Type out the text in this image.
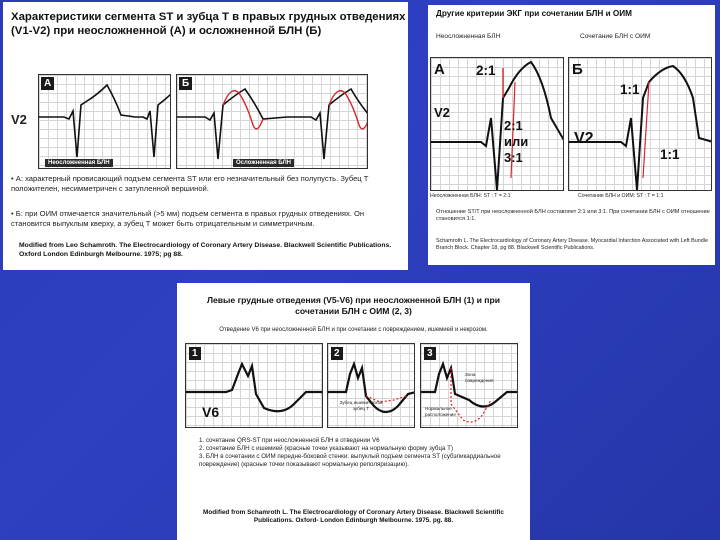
Характеристики сегмента ST и зубца T в правых грудных отведениях (V1-V2) при неосложненной (А) и осложненной БЛН (Б)
V2
А
Неосложненная БЛН
Б
Осложненная БЛН
• А: характерный провисающий подъем сегмента ST или его незначительный без полупусть. Зубец T положителен, несимметричен с затупленной вершиной.
• Б: при ОИМ отмечается значительный (>5 мм) подъем сегмента в правых грудных отведениях. Он становится выпуклым кверху, а зубец T может быть отрицательным и симметричным.
Modified from Leo Schamroth. The Electrocardiology of Coronary Artery Disease. Blackwell Scientific Publications. Oxford London Edinburgh Melbourne. 1975; pg 88.
Другие критерии ЭКГ при сочетании БЛН и ОИМ
Неосложненная БЛН	Сочетание БЛН с ОИМ
А
V2
2:1
2:1
или
3:1
Б
V2
1:1
1:1
Неосложненная БЛН: ST : T = 2:1	Сочетание БЛН и ОИМ: ST : T = 1:1
Отношение ST/T при неосложненной БЛН составляет 2:1 или 3:1. При сочетании БЛН с ОИМ отношение становится 1:1.
Schamroth L. The Electrocardiology of Coronary Artery Disease. Myocardial Infarction Associated with Left Bundle Branch Block. Chapter 18, pg 88. Blackwell Scientific Publications.
Левые грудные отведения (V5-V6) при неосложненной БЛН (1) и при сочетании БЛН с ОИМ (2, 3)
Отведение V6 при неосложненной БЛН и при сочетании с повреждением, ишемией и некрозом.
1
V6
2
Зубец ишемической зубец T
3
Зона повреждения
Нормальное расположение
1. сочетание QRS-ST при неосложненной БЛН в отведении V6
2. сочетание БЛН с ишемией (красные точки указывают на нормальную форму зубца T)
3. БЛН в сочетании с ОИМ передне-боковой стенки: выпуклый подъем сегмента ST (субэпикардиальное повреждение) (красные точки показывают нормальную реполяризацию).
Modified from Schamroth L. The Electrocardiology of Coronary Artery Disease. Blackwell Scientific Publications. Oxford- London Edinburgh Melbourne. 1975. pg. 88.
